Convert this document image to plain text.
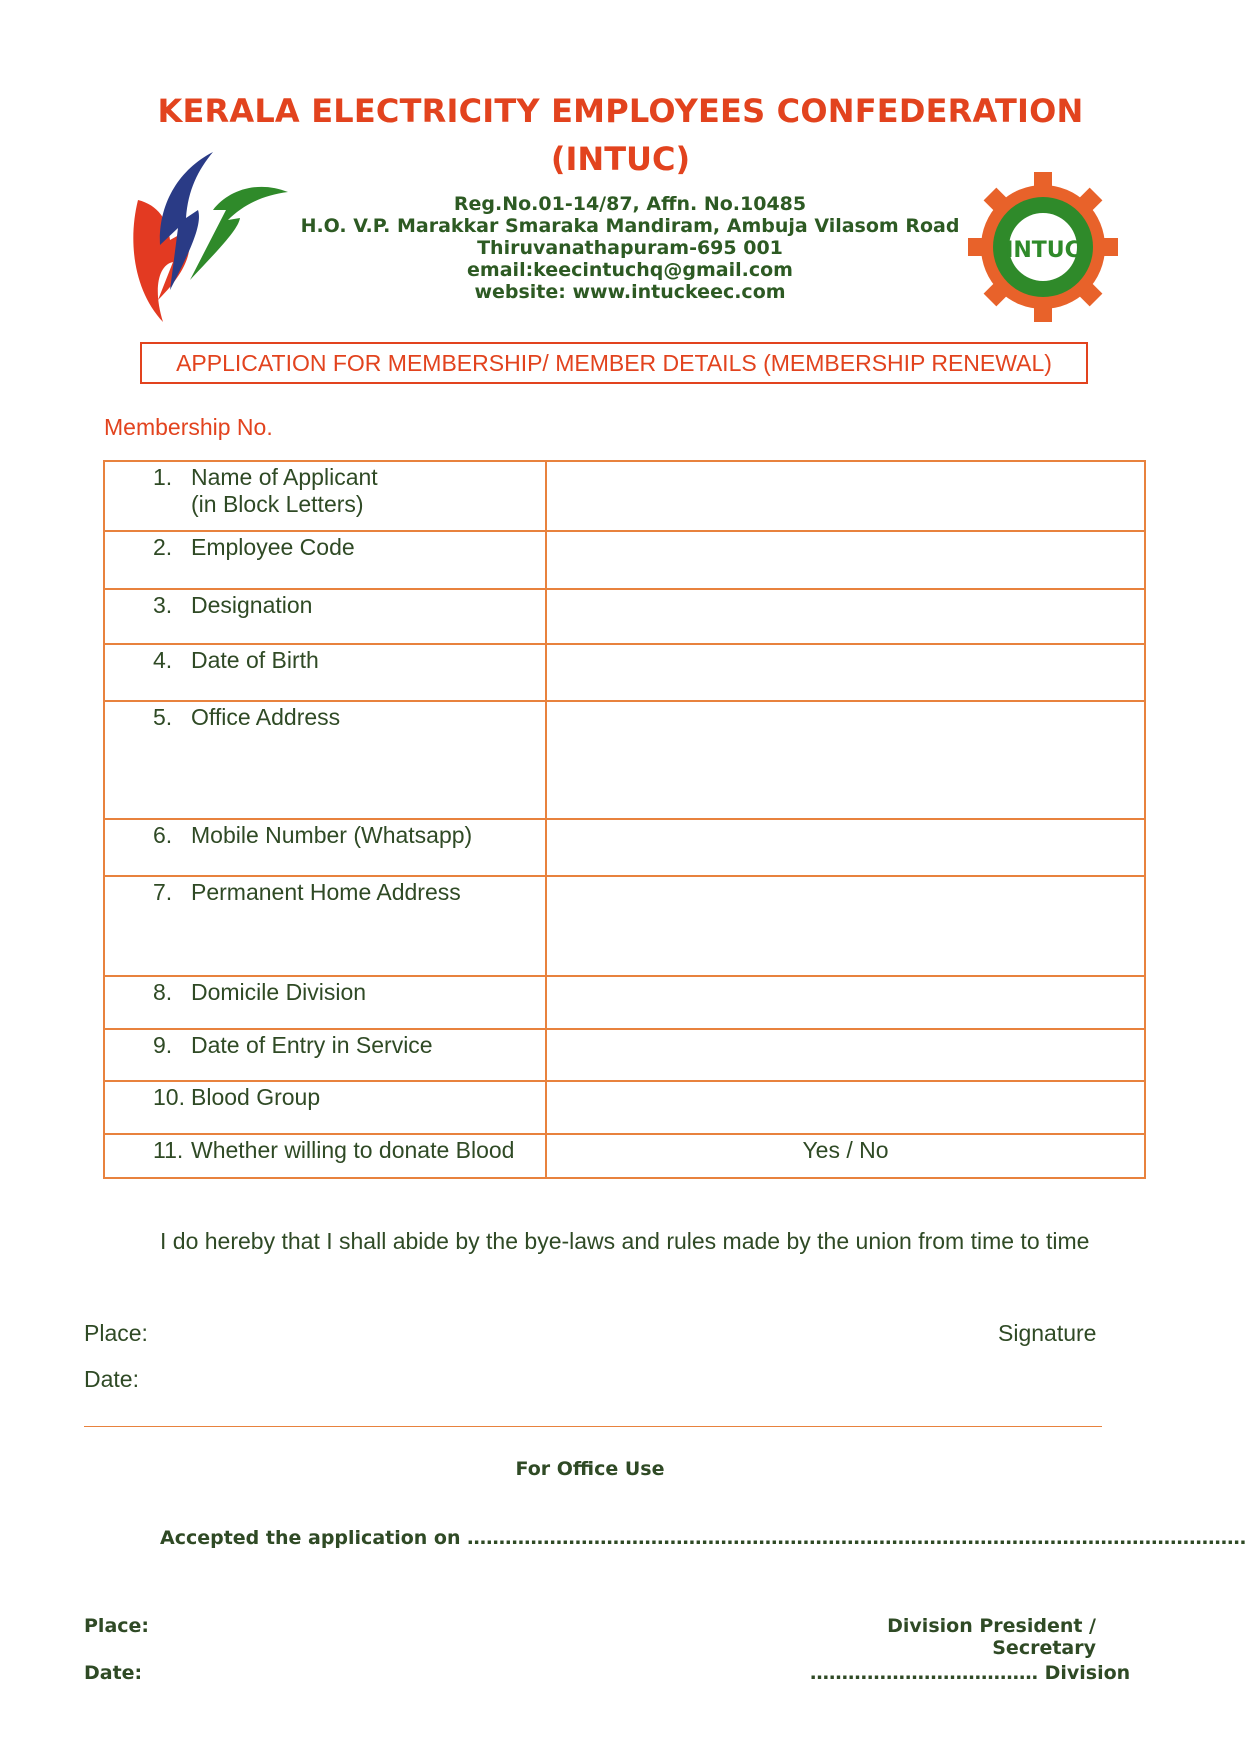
KERALA ELECTRICITY EMPLOYEES CONFEDERATION
(INTUC)
Reg.No.01-14/87, Affn. No.10485
H.O. V.P. Marakkar Smaraka Mandiram, Ambuja Vilasom Road
Thiruvanathapuram-695 001
email:keecintuchq@gmail.com
website: www.intuckeec.com
INTUC
APPLICATION FOR MEMBERSHIP/ MEMBER DETAILS (MEMBERSHIP RENEWAL)
Membership No.
1. Name of Applicant
(in Block Letters)	

2. Employee Code	
3. Designation	
4. Date of Birth	
5. Office Address	
6. Mobile Number (Whatsapp)	
7. Permanent Home Address	
8. Domicile Division	
9. Date of Entry in Service	
10. Blood Group	
11. Whether willing to donate Blood	Yes / No
I do hereby that I shall abide by the bye-laws and rules made by the union from time to time
Place:	Signature
Date:
For Office Use
Accepted the application on ……………………………………………………………………………………………………………
Place:	Division President / Secretary
Date:	……………………………… Division
